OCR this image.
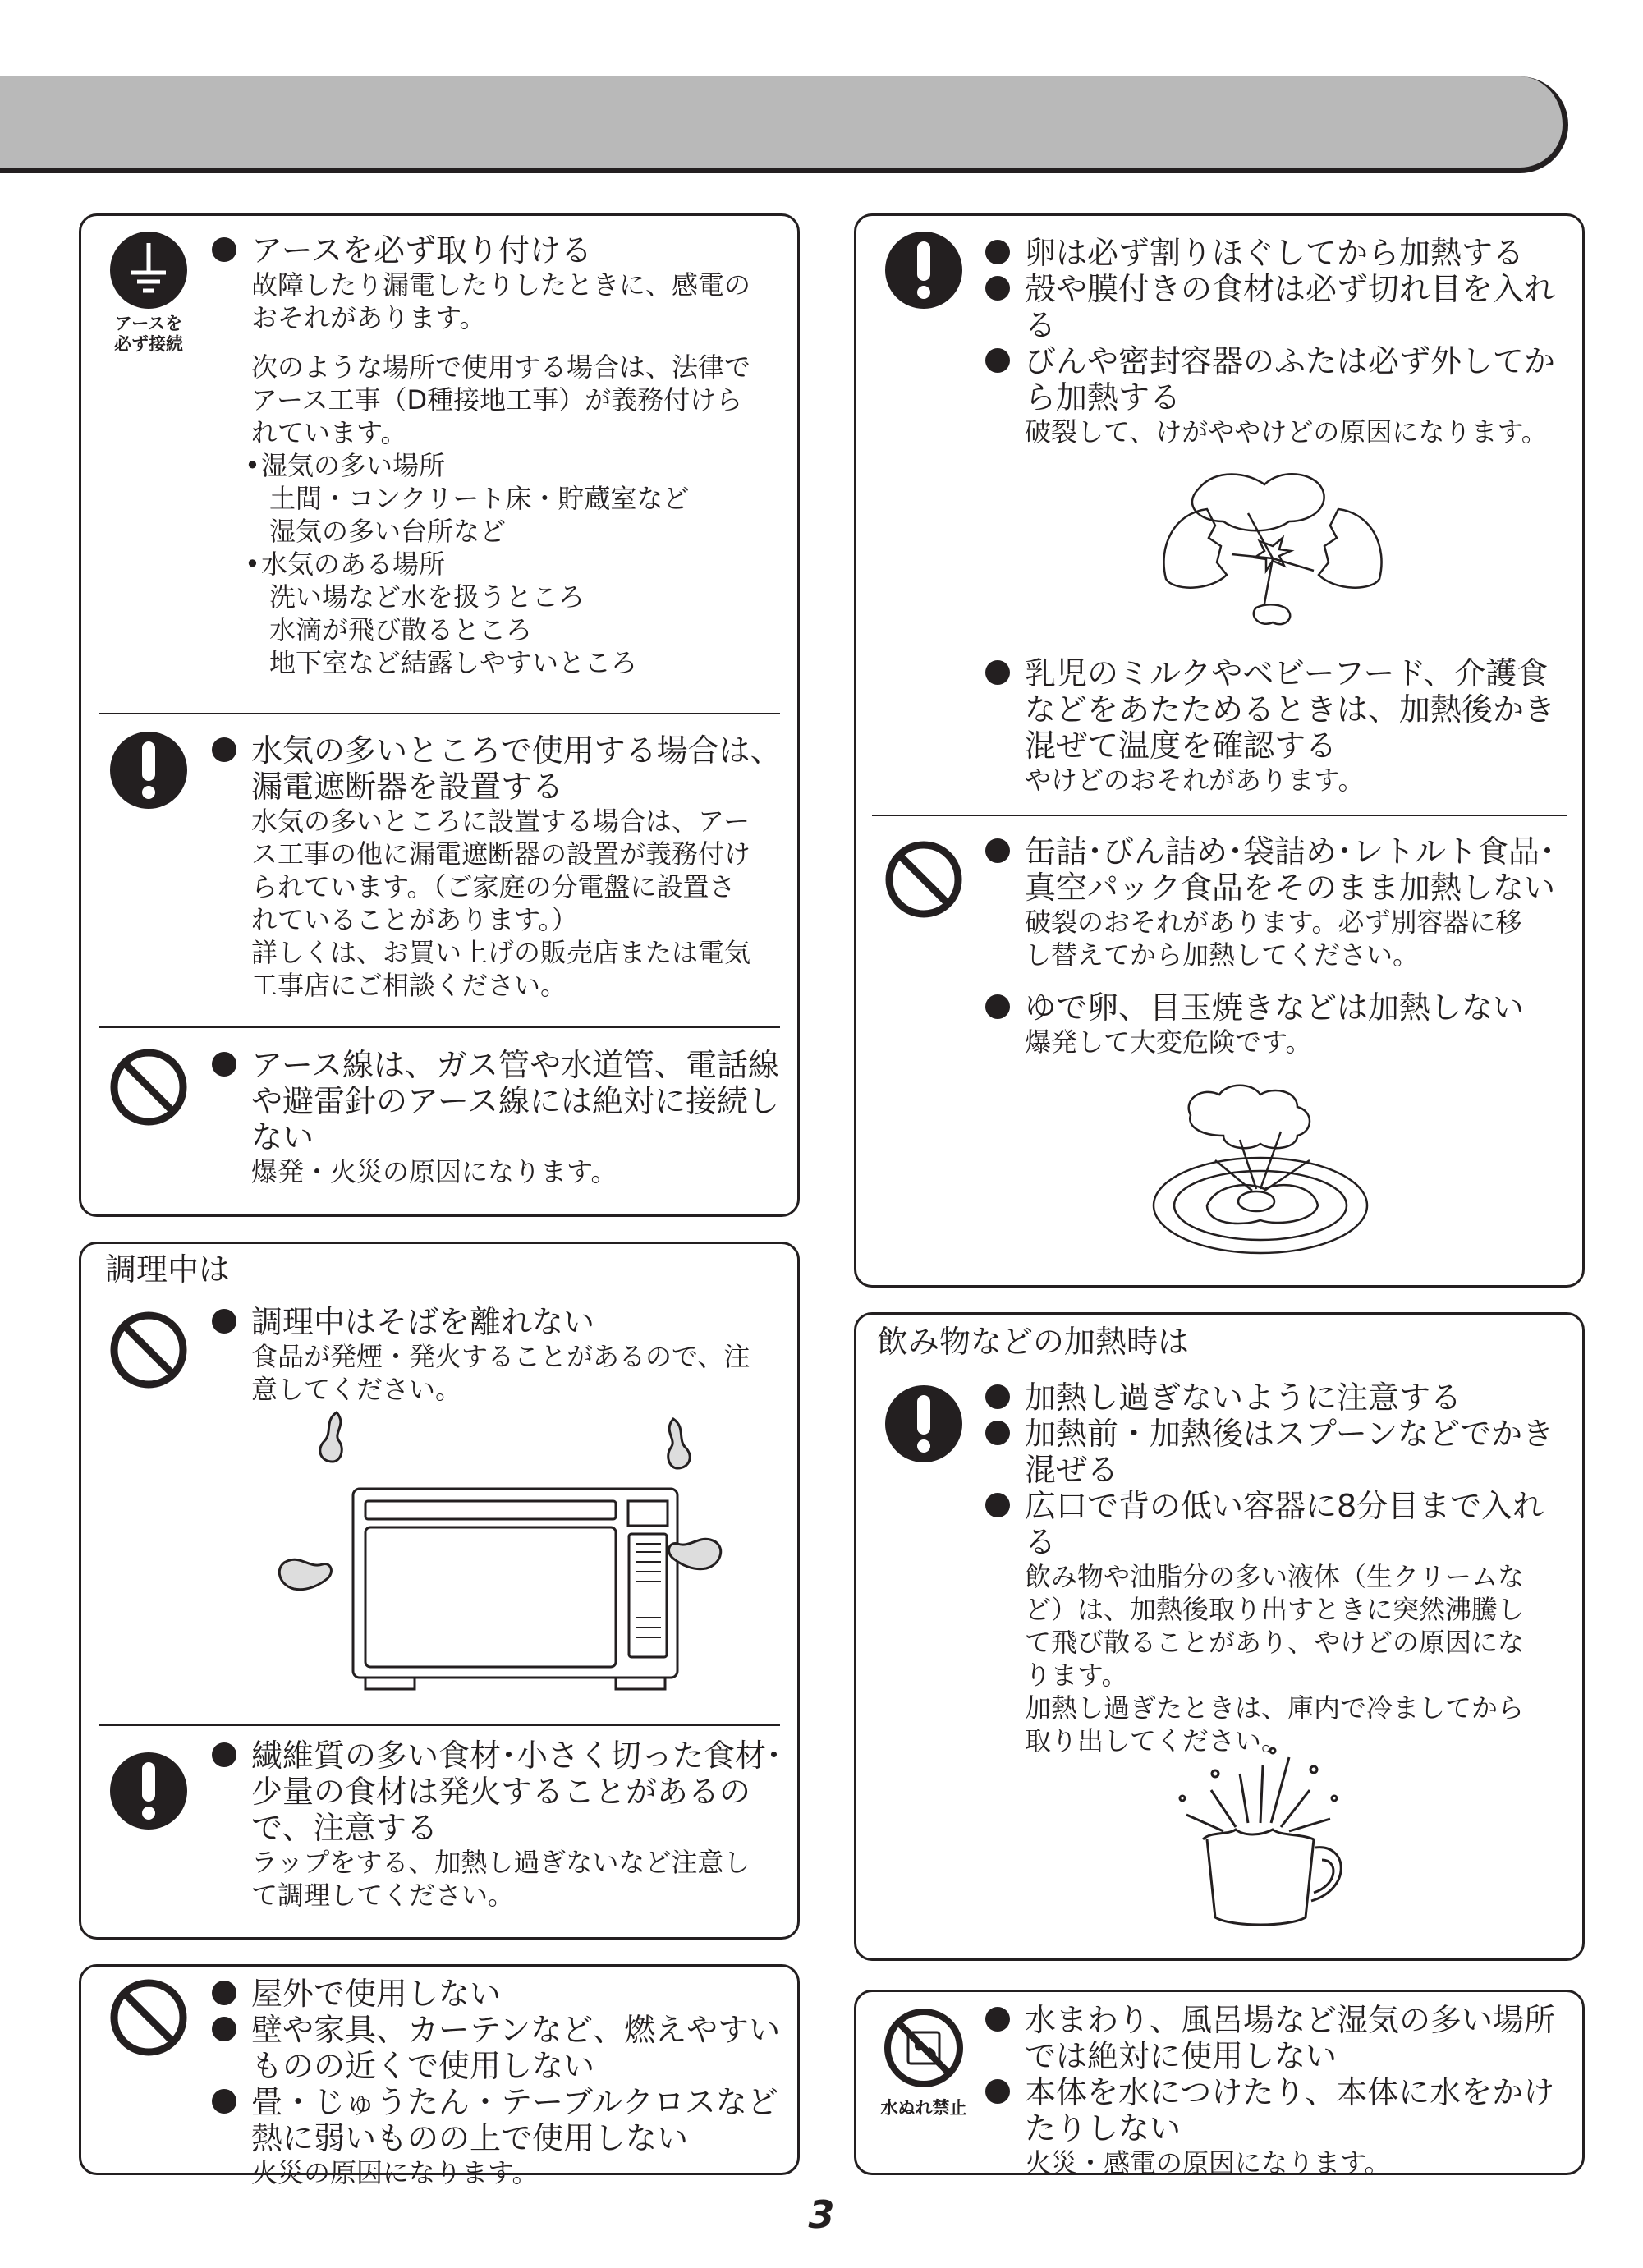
アースを
必ず接続
アースを必ず取り付ける
故障したり漏電したりしたときに、感電の
おそれがあります。
次のような場所で使用する場合は、法律で
アース工事（D種接地工事）が義務付けら
れています。
• 湿気の多い場所
土間・コンクリート床・貯蔵室など
湿気の多い台所など
• 水気のある場所
洗い場など水を扱うところ
水滴が飛び散るところ
地下室など結露しやすいところ
水気の多いところで使用する場合は、
漏電遮断器を設置する
水気の多いところに設置する場合は、アー
ス工事の他に漏電遮断器の設置が義務付け
られています。（ご家庭の分電盤に設置さ
れていることがあります。）
詳しくは、お買い上げの販売店または電気
工事店にご相談ください。
アース線は、ガス管や水道管、電話線
や避雷針のアース線には絶対に接続し
ない
爆発・火災の原因になります。
調理中は
調理中はそばを離れない
食品が発煙・発火することがあるので、注
意してください。
繊維質の多い食材･小さく切った食材･
少量の食材は発火することがあるの
で、注意する
ラップをする、加熱し過ぎないなど注意し
て調理してください。
屋外で使用しない
壁や家具、カーテンなど、燃えやすい
ものの近くで使用しない
畳・じゅうたん・テーブルクロスなど
熱に弱いものの上で使用しない
火災の原因になります。
卵は必ず割りほぐしてから加熱する
殻や膜付きの食材は必ず切れ目を入れ
る
びんや密封容器のふたは必ず外してか
ら加熱する
破裂して、けがややけどの原因になります。
乳児のミルクやベビーフード、介護食
などをあたためるときは、加熱後かき
混ぜて温度を確認する
やけどのおそれがあります。
缶詰･びん詰め･袋詰め･レトルト食品･
真空パック食品をそのまま加熱しない
破裂のおそれがあります。必ず別容器に移
し替えてから加熱してください。
ゆで卵、目玉焼きなどは加熱しない
爆発して大変危険です。
飲み物などの加熱時は
加熱し過ぎないように注意する
加熱前・加熱後はスプーンなどでかき
混ぜる
広口で背の低い容器に8分目まで入れる
飲み物や油脂分の多い液体（生クリームな
ど）は、加熱後取り出すときに突然沸騰し
て飛び散ることがあり、やけどの原因にな
ります。
加熱し過ぎたときは、庫内で冷ましてから
取り出してください。
水ぬれ禁止
水まわり、風呂場など湿気の多い場所
では絶対に使用しない
本体を水につけたり、本体に水をかけ
たりしない
火災・感電の原因になります。
3
